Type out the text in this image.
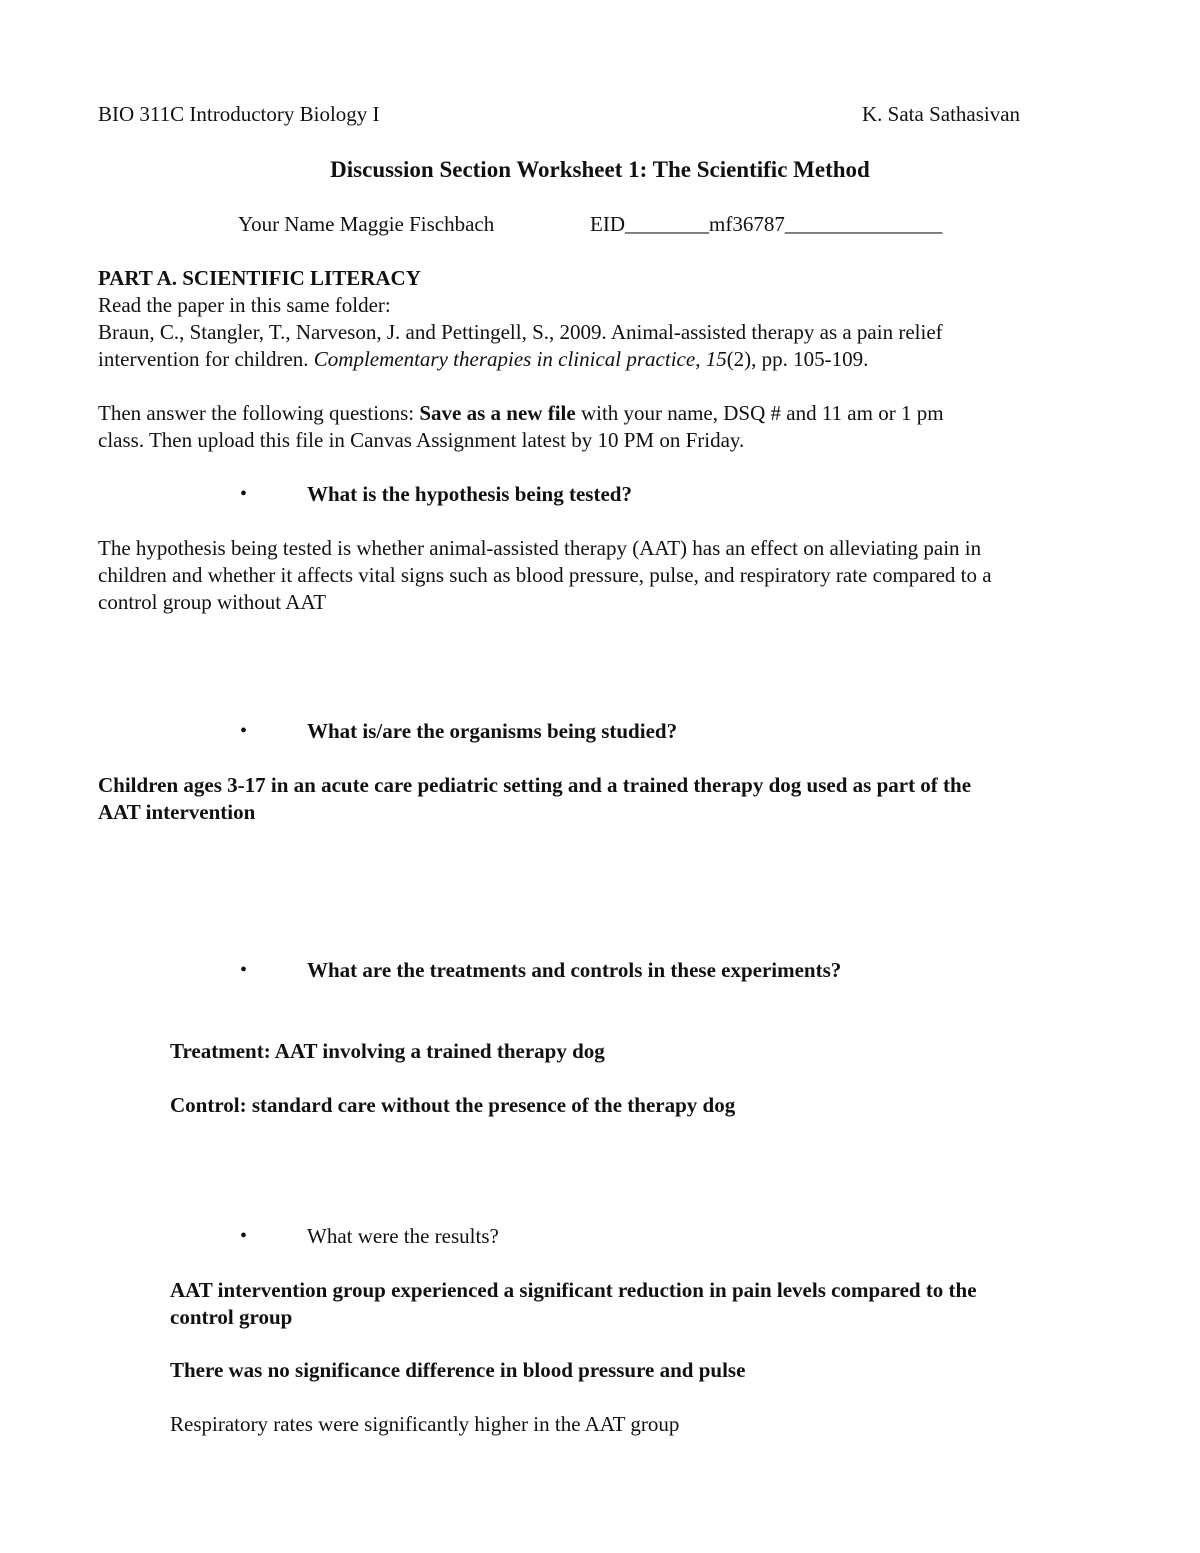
BIO 311C Introductory Biology I	K. Sata Sathasivan
Discussion Section Worksheet 1: The Scientific Method
Your Name Maggie Fischbach	EID________mf36787_______________
PART A. SCIENTIFIC LITERACY
Read the paper in this same folder:
Braun, C., Stangler, T., Narveson, J. and Pettingell, S., 2009. Animal-assisted therapy as a pain relief
intervention for children. Complementary therapies in clinical practice, 15(2), pp. 105-109.
Then answer the following questions: Save as a new file with your name, DSQ # and 11 am or 1 pm
class. Then upload this file in Canvas Assignment latest by 10 PM on Friday.
•	What is the hypothesis being tested?
The hypothesis being tested is whether animal-assisted therapy (AAT) has an effect on alleviating pain in
children and whether it affects vital signs such as blood pressure, pulse, and respiratory rate compared to a
control group without AAT
•	What is/are the organisms being studied?
Children ages 3-17 in an acute care pediatric setting and a trained therapy dog used as part of the
AAT intervention
•	What are the treatments and controls in these experiments?
Treatment: AAT involving a trained therapy dog
Control: standard care without the presence of the therapy dog
•	What were the results?
AAT intervention group experienced a significant reduction in pain levels compared to the
control group
There was no significance difference in blood pressure and pulse
Respiratory rates were significantly higher in the AAT group
